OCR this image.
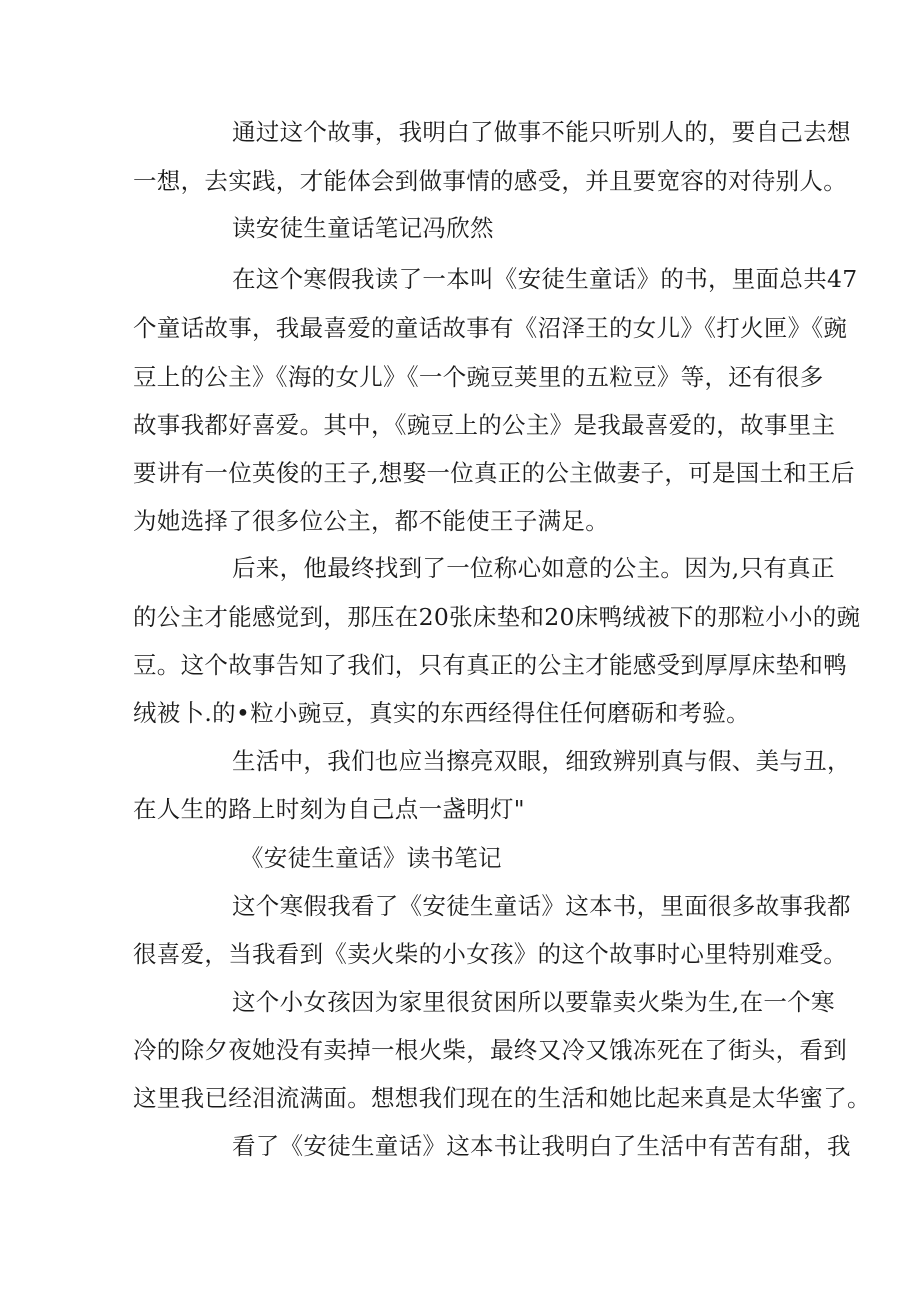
通过这个故事，我明白了做事不能只听别人的，要自己去想

一想，去实践，才能体会到做事情的感受，并且要宽容的对待别人。

读安徒生童话笔记冯欣然

在这个寒假我读了一本叫《安徒生童话》的书，里面总共47

个童话故事，我最喜爱的童话故事有《沼泽王的女儿》《打火匣》《豌

豆上的公主》《海的女儿》《一个豌豆荚里的五粒豆》等，还有很多

故事我都好喜爱。其中，《豌豆上的公主》是我最喜爱的，故事里主

要讲有一位英俊的王子,想娶一位真正的公主做妻子，可是国土和王后

为她选择了很多位公主，都不能使王子满足。

后来，他最终找到了一位称心如意的公主。因为,只有真正

的公主才能感觉到，那压在20张床垫和20床鸭绒被下的那粒小小的豌

豆。这个故事告知了我们，只有真正的公主才能感受到厚厚床垫和鸭

绒被卜.的•粒小豌豆，真实的东西经得住任何磨砺和考验。

生活中，我们也应当擦亮双眼，细致辨别真与假、美与丑，

在人生的路上时刻为自己点一盏明灯"

《安徒生童话》读书笔记

这个寒假我看了《安徒生童话》这本书，里面很多故事我都

很喜爱，当我看到《卖火柴的小女孩》的这个故事时心里特别难受。

这个小女孩因为家里很贫困所以要靠卖火柴为生,在一个寒

冷的除夕夜她没有卖掉一根火柴，最终又冷又饿冻死在了街头，看到

这里我已经泪流满面。想想我们现在的生活和她比起来真是太华蜜了。

看了《安徒生童话》这本书让我明白了生活中有苦有甜，我
